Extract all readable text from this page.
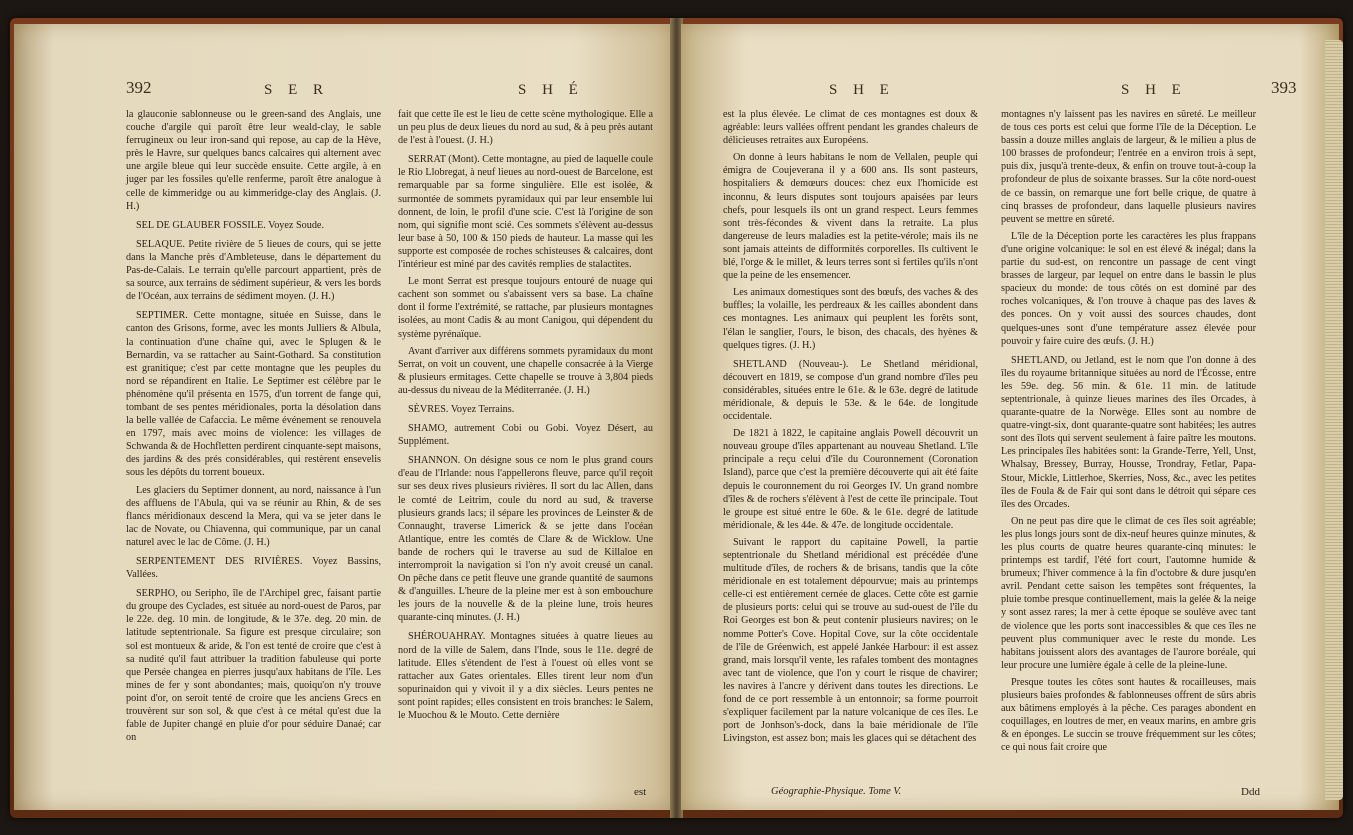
392	S E R	S H É

la glauconie sablonneuse ou le green-sand des Anglais, une couche d'argile qui paroît être leur weald-clay, le sable ferrugineux ou leur iron-sand qui repose, au cap de la Hève, près le Havre, sur quelques bancs calcaires qui alternent avec une argile bleue qui leur succède ensuite. Cette argile, à en juger par les fossiles qu'elle renferme, paroît être analogue à celle de kimmeridge ou au kimmeridge-clay des Anglais. (J. H.)

SEL DE GLAUBER FOSSILE. Voyez Soude.

SELAQUE. Petite rivière de 5 lieues de cours, qui se jette dans la Manche près d'Ambleteuse, dans le département du Pas-de-Calais. Le terrain qu'elle parcourt appartient, près de sa source, aux terrains de sédiment supérieur, & vers les bords de l'Océan, aux terrains de sédiment moyen. (J. H.)

SEPTIMER. Cette montagne, située en Suisse, dans le canton des Grisons, forme, avec les monts Julliers & Albula, la continuation d'une chaîne qui, avec le Splugen & le Bernardin, va se rattacher au Saint-Gothard. Sa constitution est granitique; c'est par cette montagne que les peuples du nord se répandirent en Italie. Le Septimer est célèbre par le phénomène qu'il présenta en 1575, d'un torrent de fange qui, tombant de ses pentes méridionales, porta la désolation dans la belle vallée de Cafaccia. Le même événement se renouvela en 1797, mais avec moins de violence: les villages de Schwanda & de Hochfletten perdirent cinquante-sept maisons, des jardins & des prés considérables, qui restèrent ensevelis sous les dépôts du torrent boueux.

Les glaciers du Septimer donnent, au nord, naissance à l'un des affluens de l'Abula, qui va se réunir au Rhin, & de ses flancs méridionaux descend la Mera, qui va se jeter dans le lac de Novate, ou Chiavenna, qui communique, par un canal naturel avec le lac de Côme. (J. H.)

SERPENTEMENT DES RIVIÈRES. Voyez Bassins, Vallées.

SERPHO, ou Seripho, île de l'Archipel grec, faisant partie du groupe des Cyclades, est située au nord-ouest de Paros, par le 22e. deg. 10 min. de longitude, & le 37e. deg. 20 min. de latitude septentrionale. Sa figure est presque circulaire; son sol est montueux & aride, & l'on est tenté de croire que c'est à sa nudité qu'il faut attribuer la tradition fabuleuse qui porte que Persée changea en pierres jusqu'aux habitans de l'île. Les mines de fer y sont abondantes; mais, quoiqu'on n'y trouve point d'or, on seroit tenté de croire que les anciens Grecs en trouvèrent sur son sol, & que c'est à ce métal qu'est due la fable de Jupiter changé en pluie d'or pour séduire Danaé; car on

fait que cette île est le lieu de cette scène mythologique. Elle a un peu plus de deux lieues du nord au sud, & à peu près autant de l'est à l'ouest. (J. H.)

SERRAT (Mont). Cette montagne, au pied de laquelle coule le Rio Llobregat, à neuf lieues au nord-ouest de Barcelone, est remarquable par sa forme singulière. Elle est isolée, & surmontée de sommets pyramidaux qui par leur ensemble lui donnent, de loin, le profil d'une scie. C'est là l'origine de son nom, qui signifie mont scié. Ces sommets s'élèvent au-dessus leur base à 50, 100 & 150 pieds de hauteur. La masse qui les supporte est composée de roches schisteuses & calcaires, dont l'intérieur est miné par des cavités remplies de stalactites.

Le mont Serrat est presque toujours entouré de nuage qui cachent son sommet ou s'abaissent vers sa base. La chaîne dont il forme l'extrémité, se rattache, par plusieurs montagnes isolées, au mont Cadis & au mont Canigou, qui dépendent du système pyrénaïque.

Avant d'arriver aux différens sommets pyramidaux du mont Serrat, on voit un couvent, une chapelle consacrée à la Vierge & plusieurs ermitages. Cette chapelle se trouve à 3,804 pieds au-dessus du niveau de la Méditerranée. (J. H.)

SÈVRES. Voyez Terrains.

SHAMO, autrement Cobi ou Gobi. Voyez Désert, au Supplément.

SHANNON. On désigne sous ce nom le plus grand cours d'eau de l'Irlande: nous l'appellerons fleuve, parce qu'il reçoit sur ses deux rives plusieurs rivières. Il sort du lac Allen, dans le comté de Leitrim, coule du nord au sud, & traverse plusieurs grands lacs; il sépare les provinces de Leinster & de Connaught, traverse Limerick & se jette dans l'océan Atlantique, entre les comtés de Clare & de Wicklow. Une bande de rochers qui le traverse au sud de Killaloe en interromproit la navigation si l'on n'y avoit creusé un canal. On pêche dans ce petit fleuve une grande quantité de saumons & d'anguilles. L'heure de la pleine mer est à son embouchure les jours de la nouvelle & de la pleine lune, trois heures quarante-cinq minutes. (J. H.)

SHÉROUAHRAY. Montagnes situées à quatre lieues au nord de la ville de Salem, dans l'Inde, sous le 11e. degré de latitude. Elles s'étendent de l'est à l'ouest où elles vont se rattacher aux Gates orientales. Elles tirent leur nom d'un sopurinaidon qui y vivoit il y a dix siècles. Leurs pentes ne sont point rapides; elles consistent en trois branches: le Salem, le Muochou & le Mouto. Cette dernière

est
S H E	S H E	393

est la plus élevée. Le climat de ces montagnes est doux & agréable: leurs vallées offrent pendant les grandes chaleurs de délicieuses retraites aux Européens.

On donne à leurs habitans le nom de Vellalen, peuple qui émigra de Coujeverana il y a 600 ans. Ils sont pasteurs, hospitaliers & demœurs douces: chez eux l'homicide est inconnu, & leurs disputes sont toujours apaisées par leurs chefs, pour lesquels ils ont un grand respect. Leurs femmes sont très-fécondes & vivent dans la retraite. La plus dangereuse de leurs maladies est la petite-vérole; mais ils ne sont jamais atteints de difformités corporelles. Ils cultivent le blé, l'orge & le millet, & leurs terres sont si fertiles qu'ils n'ont que la peine de les ensemencer.

Les animaux domestiques sont des bœufs, des vaches & des buffles; la volaille, les perdreaux & les cailles abondent dans ces montagnes. Les animaux qui peuplent les forêts sont, l'élan le sanglier, l'ours, le bison, des chacals, des hyènes & quelques tigres. (J. H.)

SHETLAND (Nouveau-). Le Shetland méridional, découvert en 1819, se compose d'un grand nombre d'îles peu considérables, situées entre le 61e. & le 63e. degré de latitude méridionale, & depuis le 53e. & le 64e. de longitude occidentale.

De 1821 à 1822, le capitaine anglais Powell découvrit un nouveau groupe d'îles appartenant au nouveau Shetland. L'île principale a reçu celui d'île du Couronnement (Coronation Island), parce que c'est la première découverte qui ait été faite depuis le couronnement du roi Georges IV. Un grand nombre d'îles & de rochers s'élèvent à l'est de cette île principale. Tout le groupe est situé entre le 60e. & le 61e. degré de latitude méridionale, & les 44e. & 47e. de longitude occidentale.

Suivant le rapport du capitaine Powell, la partie septentrionale du Shetland méridional est précédée d'une multitude d'îles, de rochers & de brisans, tandis que la côte méridionale en est totalement dépourvue; mais au printemps celle-ci est entièrement cernée de glaces. Cette côte est garnie de plusieurs ports: celui qui se trouve au sud-ouest de l'île du Roi Georges est bon & peut contenir plusieurs navires; on le nomme Potter's Cove. Hopital Cove, sur la côte occidentale de l'île de Gréenwich, est appelé Jankée Harbour: il est assez grand, mais lorsqu'il vente, les rafales tombent des montagnes avec tant de violence, que l'on y court le risque de chavirer; les navires à l'ancre y dérivent dans toutes les directions. Le fond de ce port ressemble à un entonnoir; sa forme pourroit s'expliquer facilement par la nature volcanique de ces îles. Le port de Jonhson's-dock, dans la baie méridionale de l'île Livingston, est assez bon; mais les glaces qui se détachent des

montagnes n'y laissent pas les navires en sûreté. Le meilleur de tous ces ports est celui que forme l'île de la Déception. Le bassin a douze milles anglais de largeur, & le milieu a plus de 100 brasses de profondeur; l'entrée en a environ trois à sept, puis dix, jusqu'à trente-deux, & enfin on trouve tout-à-coup la profondeur de plus de soixante brasses. Sur la côte nord-ouest de ce bassin, on remarque une fort belle crique, de quatre à cinq brasses de profondeur, dans laquelle plusieurs navires peuvent se mettre en sûreté.

L'île de la Déception porte les caractères les plus frappans d'une origine volcanique: le sol en est élevé & inégal; dans la partie du sud-est, on rencontre un passage de cent vingt brasses de largeur, par lequel on entre dans le bassin le plus spacieux du monde: de tous côtés on est dominé par des roches volcaniques, & l'on trouve à chaque pas des laves & des ponces. On y voit aussi des sources chaudes, dont quelques-unes sont d'une température assez élevée pour pouvoir y faire cuire des œufs. (J. H.)

SHETLAND, ou Jetland, est le nom que l'on donne à des îles du royaume britannique situées au nord de l'Écosse, entre les 59e. deg. 56 min. & 61e. 11 min. de latitude septentrionale, à quinze lieues marines des îles Orcades, à quarante-quatre de la Norwège. Elles sont au nombre de quatre-vingt-six, dont quarante-quatre sont habitées; les autres sont des îlots qui servent seulement à faire paître les moutons. Les principales îles habitées sont: la Grande-Terre, Yell, Unst, Whalsay, Bressey, Burray, Housse, Trondray, Fetlar, Papa-Stour, Mickle, Littlerhoe, Skerries, Noss, &c., avec les petites îles de Foula & de Fair qui sont dans le détroit qui sépare ces îles des Orcades.

On ne peut pas dire que le climat de ces îles soit agréable; les plus longs jours sont de dix-neuf heures quinze minutes, & les plus courts de quatre heures quarante-cinq minutes: le printemps est tardif, l'été fort court, l'automne humide & brumeux; l'hiver commence à la fin d'octobre & dure jusqu'en avril. Pendant cette saison les tempêtes sont fréquentes, la pluie tombe presque continuellement, mais la gelée & la neige y sont assez rares; la mer à cette époque se soulève avec tant de violence que les ports sont inaccessibles & que ces îles ne peuvent plus communiquer avec le reste du monde. Les habitans jouissent alors des avantages de l'aurore boréale, qui leur procure une lumière égale à celle de la pleine-lune.

Presque toutes les côtes sont hautes & rocailleuses, mais plusieurs baies profondes & fablonneuses offrent de sûrs abris aux bâtimens employés à la pêche. Ces parages abondent en coquillages, en loutres de mer, en veaux marins, en ambre gris & en éponges. Le succin se trouve fréquemment sur les côtes; ce qui nous fait croire que

Géographie-Physique. Tome V.	Ddd
